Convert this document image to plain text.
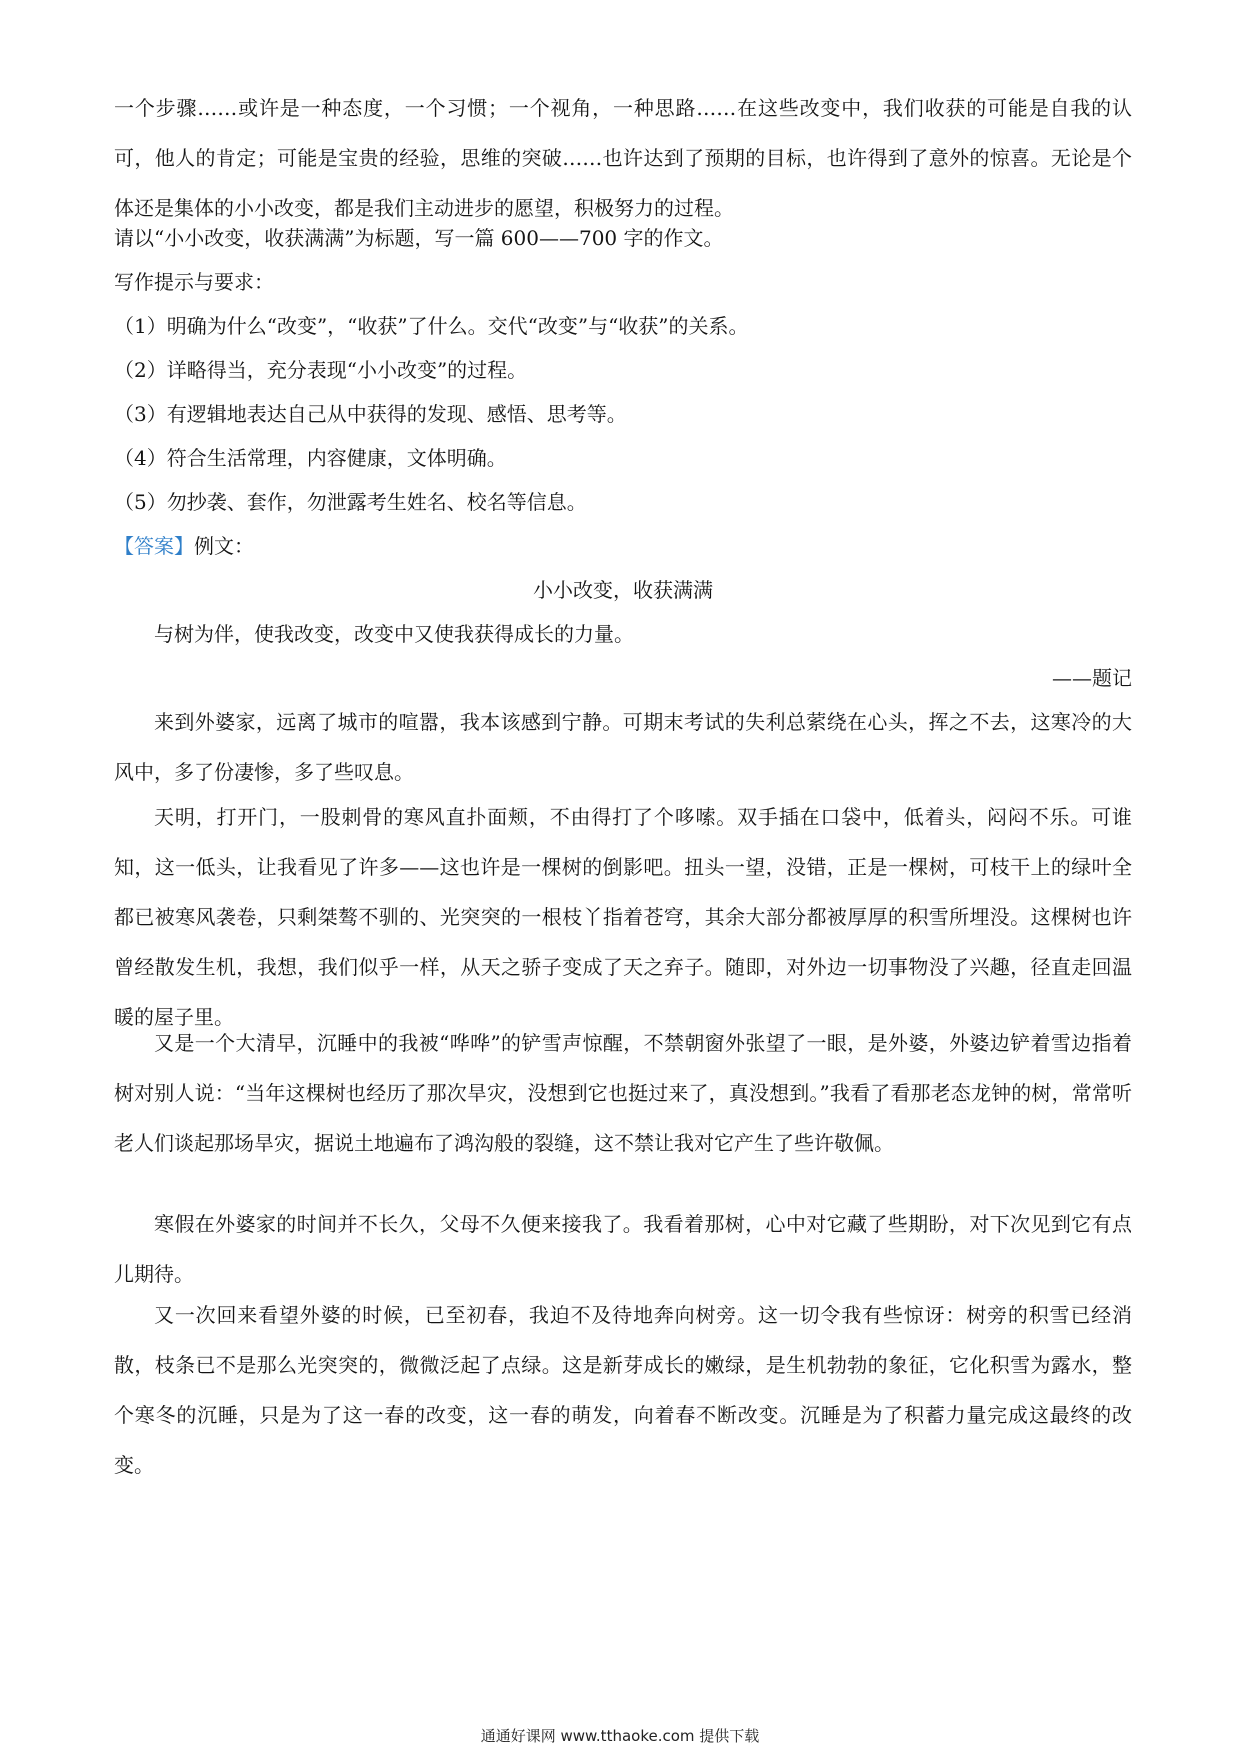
一个步骤……或许是一种态度，一个习惯；一个视角，一种思路……在这些改变中，我们收获的可能是自我的认可，他人的肯定；可能是宝贵的经验，思维的突破……也许达到了预期的目标，也许得到了意外的惊喜。无论是个体还是集体的小小改变，都是我们主动进步的愿望，积极努力的过程。

请以“小小改变，收获满满”为标题，写一篇 600——700 字的作文。

写作提示与要求：

（1）明确为什么“改变”，“收获”了什么。交代“改变”与“收获”的关系。

（2）详略得当，充分表现“小小改变”的过程。

（3）有逻辑地表达自己从中获得的发现、感悟、思考等。

（4）符合生活常理，内容健康，文体明确。

（5）勿抄袭、套作，勿泄露考生姓名、校名等信息。

【答案】例文：

小小改变，收获满满

与树为伴，使我改变，改变中又使我获得成长的力量。

——题记

来到外婆家，远离了城市的喧嚣，我本该感到宁静。可期末考试的失利总萦绕在心头，挥之不去，这寒冷的大风中，多了份凄惨，多了些叹息。

天明，打开门，一股刺骨的寒风直扑面颊，不由得打了个哆嗦。双手插在口袋中，低着头，闷闷不乐。可谁知，这一低头，让我看见了许多——这也许是一棵树的倒影吧。扭头一望，没错，正是一棵树，可枝干上的绿叶全都已被寒风袭卷，只剩桀骜不驯的、光突突的一根枝丫指着苍穹，其余大部分都被厚厚的积雪所埋没。这棵树也许曾经散发生机，我想，我们似乎一样，从天之骄子变成了天之弃子。随即，对外边一切事物没了兴趣，径直走回温暖的屋子里。

又是一个大清早，沉睡中的我被“哗哗”的铲雪声惊醒，不禁朝窗外张望了一眼，是外婆，外婆边铲着雪边指着树对别人说：“当年这棵树也经历了那次旱灾，没想到它也挺过来了，真没想到。”我看了看那老态龙钟的树，常常听老人们谈起那场旱灾，据说土地遍布了鸿沟般的裂缝，这不禁让我对它产生了些许敬佩。

寒假在外婆家的时间并不长久，父母不久便来接我了。我看着那树，心中对它藏了些期盼，对下次见到它有点儿期待。

又一次回来看望外婆的时候，已至初春，我迫不及待地奔向树旁。这一切令我有些惊讶：树旁的积雪已经消散，枝条已不是那么光突突的，微微泛起了点绿。这是新芽成长的嫩绿，是生机勃勃的象征，它化积雪为露水，整个寒冬的沉睡，只是为了这一春的改变，这一春的萌发，向着春不断改变。沉睡是为了积蓄力量完成这最终的改变。

通通好课网 www.tthaoke.com 提供下载
